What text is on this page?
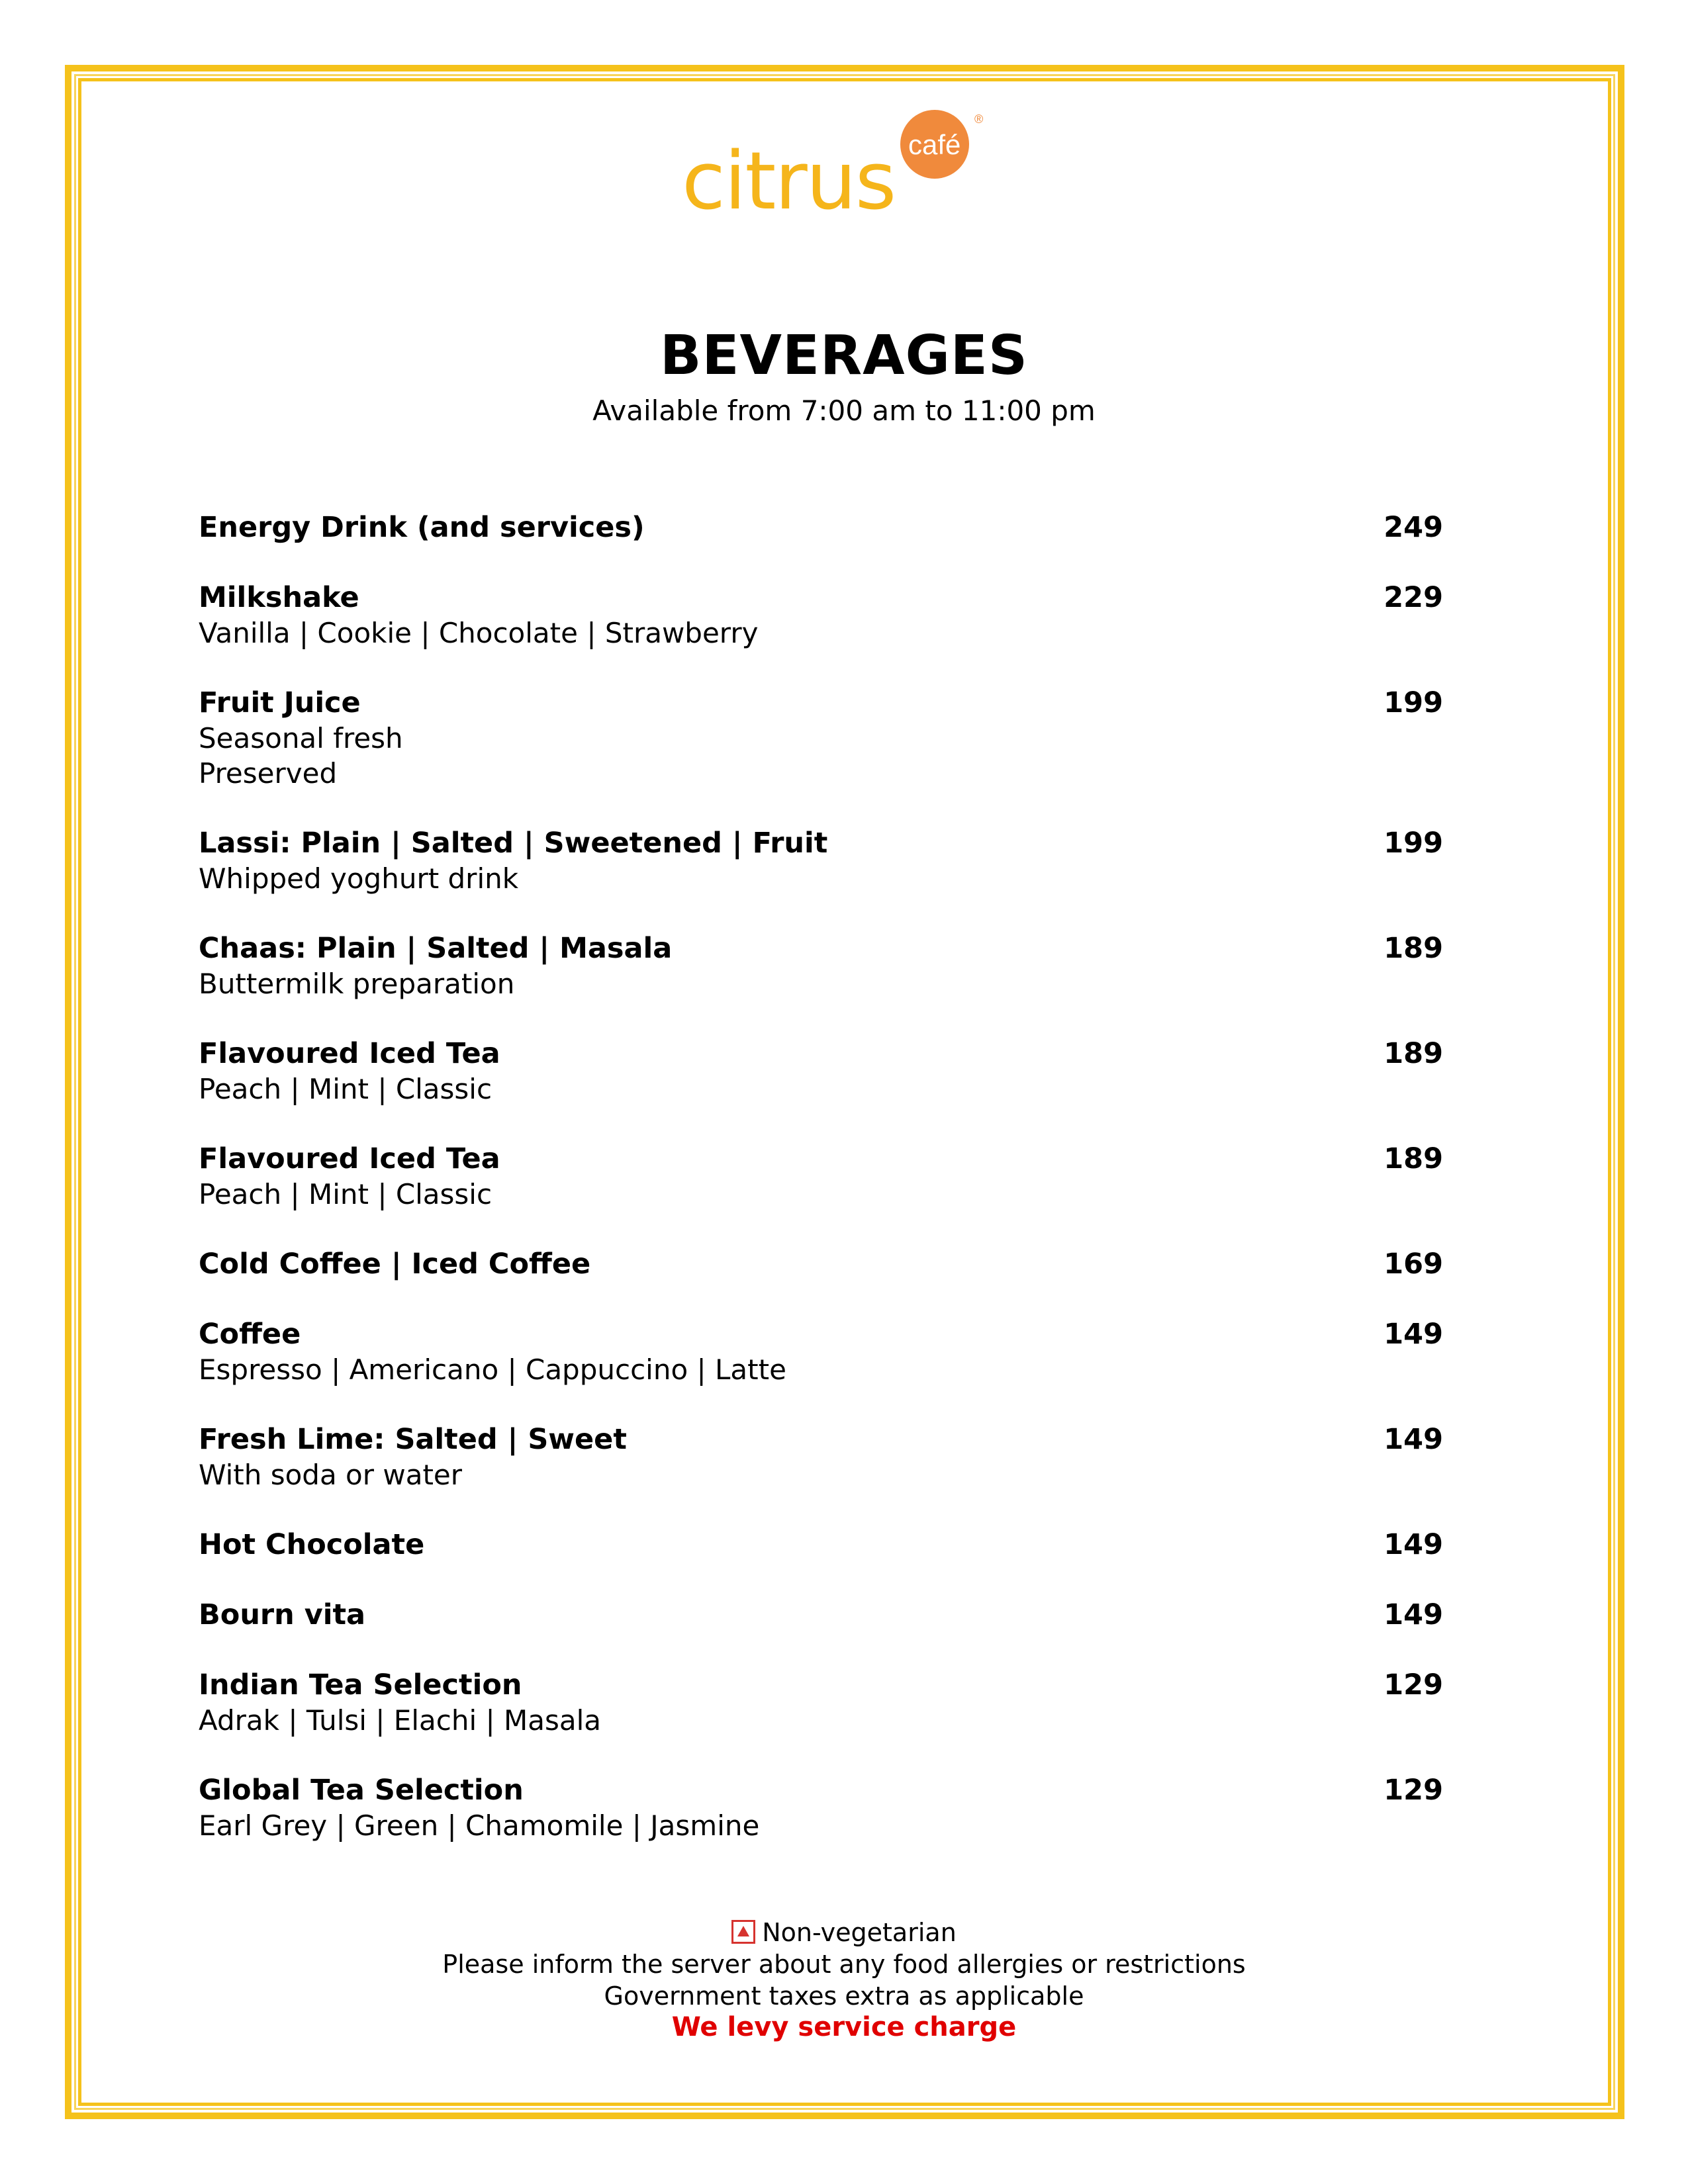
café
®
citrus
BEVERAGES
Available from 7:00 am to 11:00 pm
Energy Drink (and services)	249
Milkshake	229
Vanilla | Cookie | Chocolate | Strawberry
Fruit Juice	199
Seasonal fresh
Preserved
Lassi: Plain | Salted | Sweetened | Fruit	199
Whipped yoghurt drink
Chaas: Plain | Salted | Masala	189
Buttermilk preparation
Flavoured Iced Tea	189
Peach | Mint | Classic
Flavoured Iced Tea	189
Peach | Mint | Classic
Cold Coffee | Iced Coffee	169
Coffee	149
Espresso | Americano | Cappuccino | Latte
Fresh Lime: Salted | Sweet	149
With soda or water
Hot Chocolate	149
Bourn vita	149
Indian Tea Selection	129
Adrak | Tulsi | Elachi | Masala
Global Tea Selection	129
Earl Grey | Green | Chamomile | Jasmine
Non-vegetarian
Please inform the server about any food allergies or restrictions
Government taxes extra as applicable
We levy service charge
